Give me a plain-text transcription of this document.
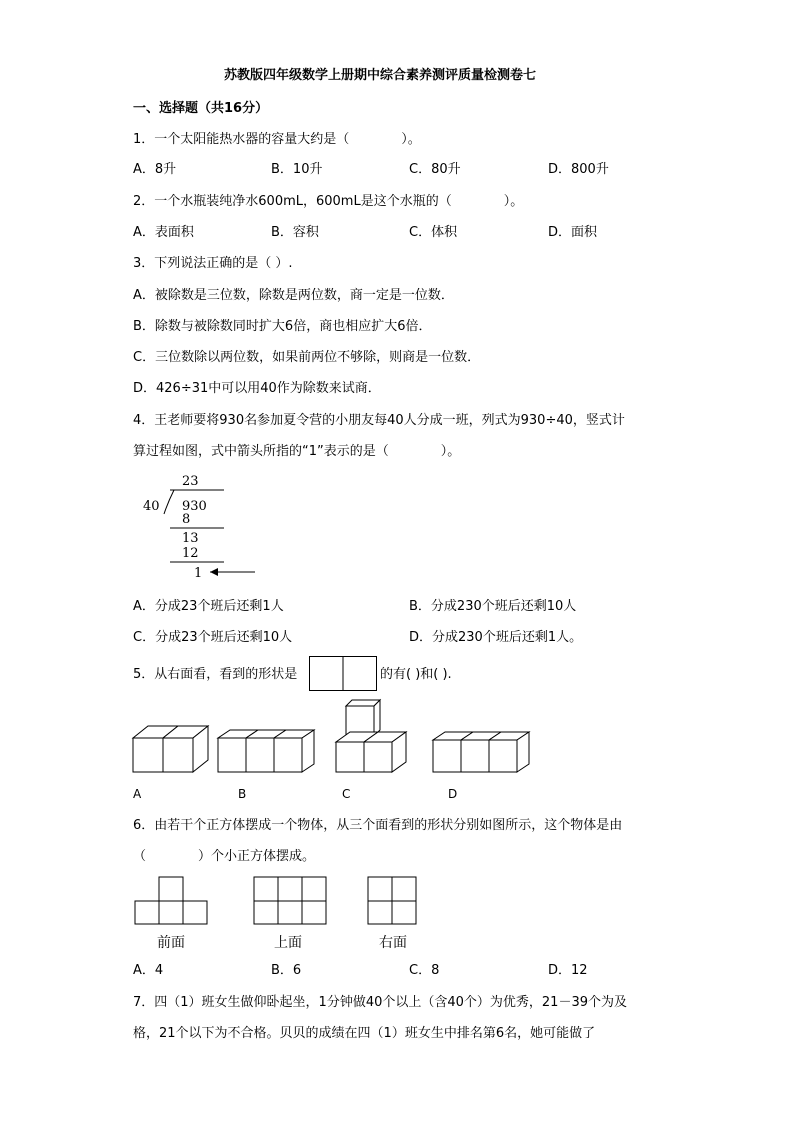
苏教版四年级数学上册期中综合素养测评质量检测卷七
一、选择题（共16分）
1．一个太阳能热水器的容量大约是（　　　　）。
A．8升	B．10升	C．80升	D．800升
2．一个水瓶装纯净水600mL，600mL是这个水瓶的（　　　　）。
A．表面积	B．容积	C．体积	D．面积
3．下列说法正确的是（ ）.
A．被除数是三位数，除数是两位数，商一定是一位数．
B．除数与被除数同时扩大6倍，商也相应扩大6倍．
C．三位数除以两位数，如果前两位不够除，则商是一位数．
D．426÷31中可以用40作为除数来试商．
4．王老师要将930名参加夏令营的小朋友每40人分成一班，列式为930÷40，竖式计
算过程如图，式中箭头所指的“1”表示的是（　　　　）。
23
40 930
8
13
12
1
A．分成23个班后还剩1人	B．分成230个班后还剩10人
C．分成23个班后还剩10人	D．分成230个班后还剩1人。
5．从右面看，看到的形状是	的有( )和( ).
A	B	C	D
6．由若干个正方体摆成一个物体，从三个面看到的形状分别如图所示，这个物体是由
（　　　　）个小正方体摆成。
前面	上面	右面
A．4	B．6	C．8	D．12
7．四（1）班女生做仰卧起坐，1分钟做40个以上（含40个）为优秀，21－39个为及
格，21个以下为不合格。贝贝的成绩在四（1）班女生中排名第6名，她可能做了
